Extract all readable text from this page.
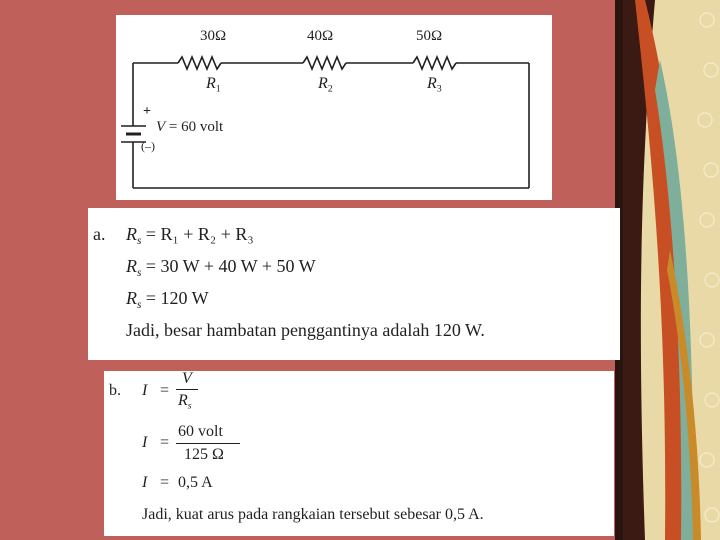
30Ω	40Ω	50Ω
$R_1$	$R_2$	$R_3$
+
(–)
V = 60 volt
a. $R_s = R_1 + R_2 + R_3$
$R_s = 30$ W + 40 W + 50 W
$R_s = 120$ W
Jadi, besar hambatan penggantinya adalah 120 W.
b. I =
V
$R_s$
I =
60 volt
125 Ω
I = 0,5 A
Jadi, kuat arus pada rangkaian tersebut sebesar 0,5 A.
